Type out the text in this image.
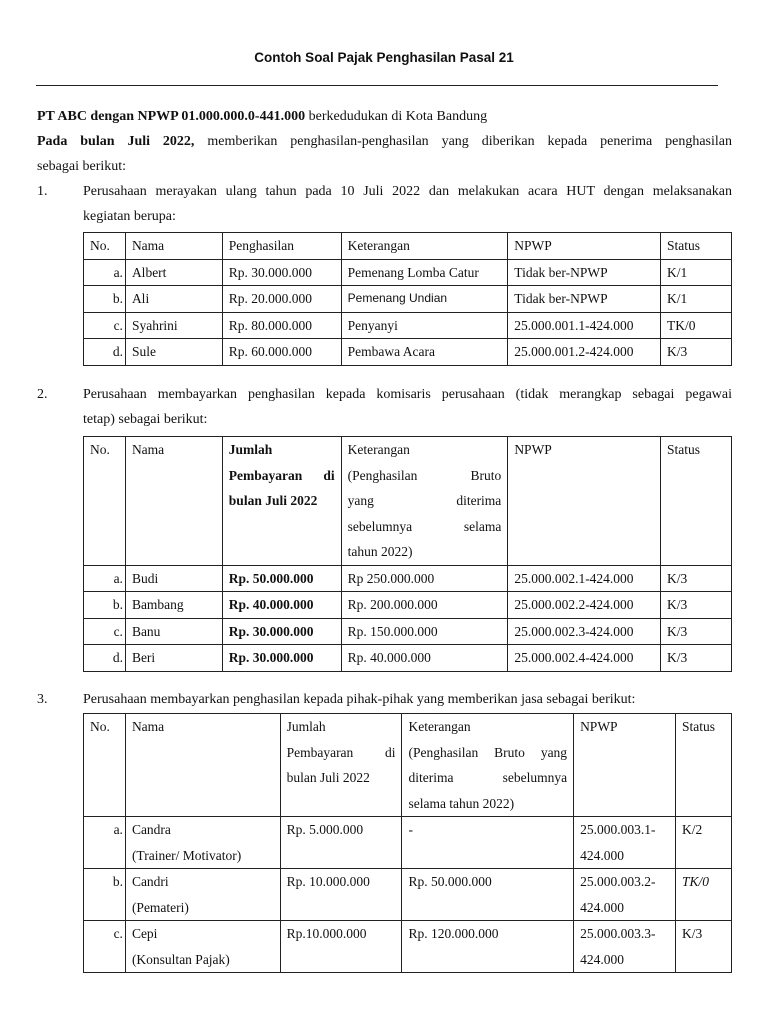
Contoh Soal Pajak Penghasilan Pasal 21
PT ABC dengan NPWP 01.000.000.0-441.000 berkedudukan di Kota Bandung
Pada bulan Juli 2022, memberikan penghasilan-penghasilan yang diberikan kepada penerima penghasilan
sebagai berikut:
1.	Perusahaan merayakan ulang tahun pada 10 Juli 2022 dan melakukan acara HUT dengan melaksanakan
kegiatan berupa:
No.	Nama	Penghasilan	Keterangan	NPWP	Status
a.	Albert	Rp. 30.000.000	Pemenang Lomba Catur	Tidak ber-NPWP	K/1
b.	Ali	Rp. 20.000.000	Pemenang Undian	Tidak ber-NPWP	K/1
c.	Syahrini	Rp. 80.000.000	Penyanyi	25.000.001.1-424.000	TK/0
d.	Sule	Rp. 60.000.000	Pembawa Acara	25.000.001.2-424.000	K/3
2.	Perusahaan membayarkan penghasilan kepada komisaris perusahaan (tidak merangkap sebagai pegawai
tetap) sebagai berikut:
No.	Nama	Jumlah
Pembayaran di
bulan Juli 2022	Keterangan
(Penghasilan Bruto
yang diterima
sebelumnya selama
tahun 2022)	NPWP	Status
a.	Budi	Rp. 50.000.000	Rp 250.000.000	25.000.002.1-424.000	K/3
b.	Bambang	Rp. 40.000.000	Rp. 200.000.000	25.000.002.2-424.000	K/3
c.	Banu	Rp. 30.000.000	Rp. 150.000.000	25.000.002.3-424.000	K/3
d.	Beri	Rp. 30.000.000	Rp. 40.000.000	25.000.002.4-424.000	K/3
3.	Perusahaan membayarkan penghasilan kepada pihak-pihak yang memberikan jasa sebagai berikut:
No.	Nama	Jumlah
Pembayaran di
bulan Juli 2022	Keterangan
(Penghasilan Bruto yang
diterima sebelumnya
selama tahun 2022)	NPWP	Status
a.	Candra
(Trainer/ Motivator)	Rp. 5.000.000	-	25.000.003.1-
424.000	K/2
b.	Candri
(Pemateri)	Rp. 10.000.000	Rp. 50.000.000	25.000.003.2-
424.000	TK/0
c.	Cepi
(Konsultan Pajak)	Rp.10.000.000	Rp. 120.000.000	25.000.003.3-
424.000	K/3
